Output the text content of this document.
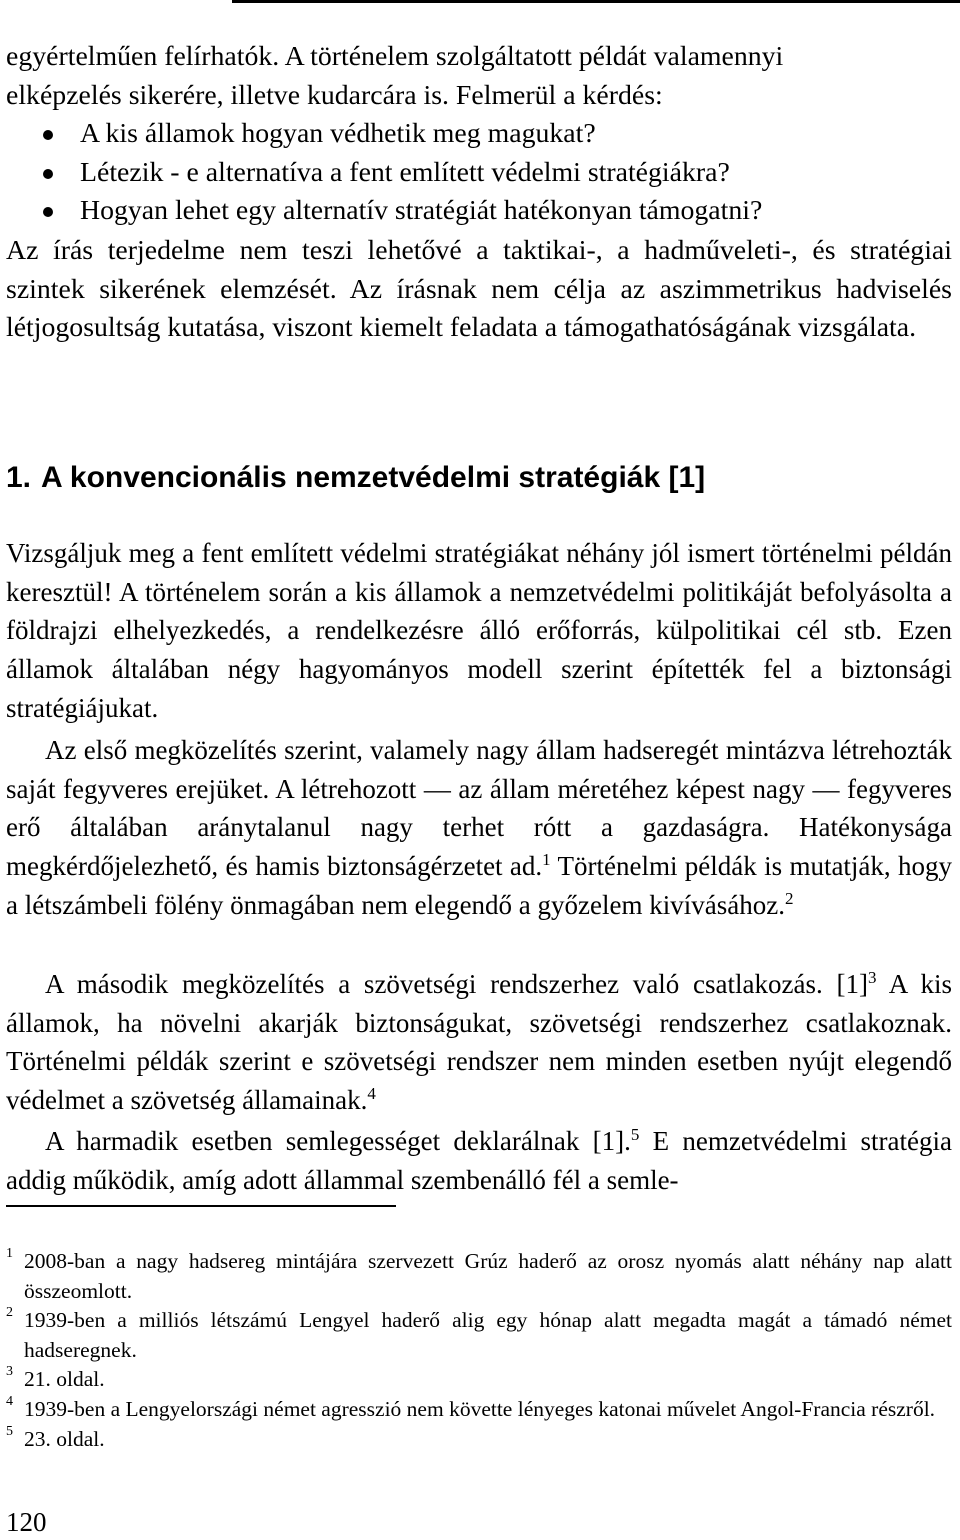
egyértelműen felírhatók. A történelem szolgáltatott példát valamennyi
elképzelés sikerére, illetve kudarcára is. Felmerül a kérdés:
A kis államok hogyan védhetik meg magukat?
Létezik - e alternatíva a fent említett védelmi stratégiákra?
Hogyan lehet egy alternatív stratégiát hatékonyan támogatni?

Az írás terjedelme nem teszi lehetővé a taktikai-, a hadműveleti-, és stratégiai szintek sikerének elemzését. Az írásnak nem célja az aszimmetrikus hadviselés létjogosultság kutatása, viszont kiemelt feladata a támogathatóságának vizsgálata.

1. A konvencionális nemzetvédelmi stratégiák [1]

Vizsgáljuk meg a fent említett védelmi stratégiákat néhány jól ismert történelmi példán keresztül! A történelem során a kis államok a nemzetvédelmi politikáját befolyásolta a földrajzi elhelyezkedés, a rendelkezésre álló erőforrás, külpolitikai cél stb. Ezen államok általában négy hagyományos modell szerint építették fel a biztonsági stratégiájukat.

Az első megközelítés szerint, valamely nagy állam hadseregét mintázva létrehozták saját fegyveres erejüket. A létrehozott — az állam méretéhez képest nagy — fegyveres erő általában aránytalanul nagy terhet rótt a gazdaságra. Hatékonysága megkérdőjelezhető, és hamis biztonságérzetet ad.$^1$ Történelmi példák is mutatják, hogy a létszámbeli fölény önmagában nem elegendő a győzelem kivívásához.$^2$

A második megközelítés a szövetségi rendszerhez való csatlakozás. [1]$^3$ A kis államok, ha növelni akarják biztonságukat, szövetségi rendszerhez csatlakoznak. Történelmi példák szerint e szövetségi rendszer nem minden esetben nyújt elegendő védelmet a szövetség államainak.$^4$

A harmadik esetben semlegességet deklarálnak [1].$^5$ E nemzetvédelmi stratégia addig működik, amíg adott állammal szembenálló fél a semle-

1 2008-ban a nagy hadsereg mintájára szervezett Grúz haderő az orosz nyomás alatt néhány nap alatt összeomlott.
2 1939-ben a milliós létszámú Lengyel haderő alig egy hónap alatt megadta magát a támadó német hadseregnek.
3 21. oldal.
4 1939-ben a Lengyelországi német agresszió nem követte lényeges katonai művelet Angol-Francia részről.
5 23. oldal.
120
